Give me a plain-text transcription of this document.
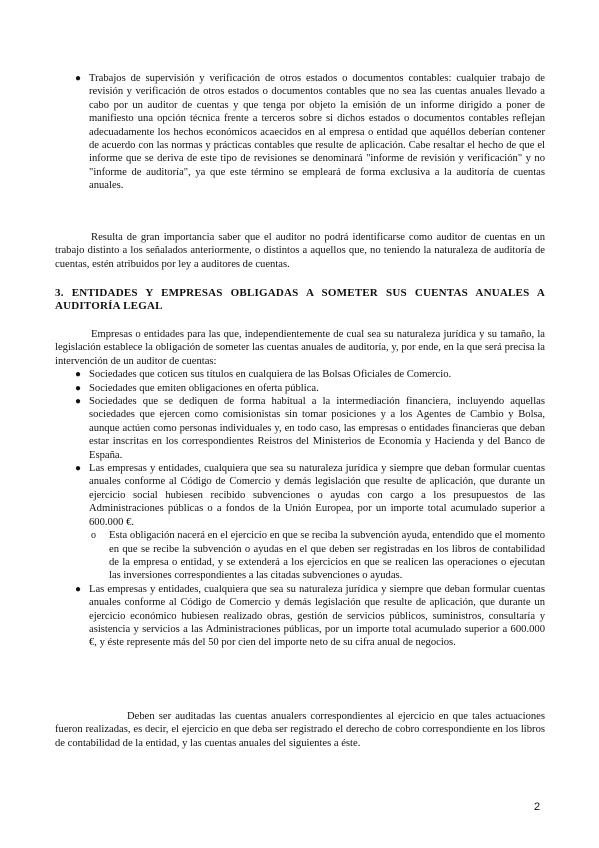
● Trabajos de supervisión y verificación de otros estados o documentos contables: cualquier trabajo de revisión y verificación de otros estados o documentos contables que no sea las cuentas anuales llevado a cabo por un auditor de cuentas y que tenga por objeto la emisión de un informe dirigido a poner de manifiesto una opción técnica frente a terceros sobre si dichos estados o documentos contables reflejan adecuadamente los hechos económicos acaecidos en al empresa o entidad que aquéllos deberían contener de acuerdo con las normas y prácticas contables que resulte de aplicación. Cabe resaltar el hecho de que el informe que se deriva de este tipo de revisiones se denominará "informe de revisión y verificación" y no "informe de auditoría", ya que este término se empleará de forma exclusiva a la auditoría de cuentas anuales.

Resulta de gran importancia saber que el auditor no podrá identificarse como auditor de cuentas en un trabajo distinto a los señalados anteriormente, o distintos a aquellos que, no teniendo la naturaleza de auditoría de cuentas, estén atribuidos por ley a auditores de cuentas.

3. ENTIDADES Y EMPRESAS OBLIGADAS A SOMETER SUS CUENTAS ANUALES A AUDITORÍA LEGAL

Empresas o entidades para las que, independientemente de cual sea su naturaleza jurídica y su tamaño, la legislación establece la obligación de someter las cuentas anuales de auditoría, y, por ende, en la que será precisa la intervención de un auditor de cuentas:

● Sociedades que coticen sus títulos en cualquiera de las Bolsas Oficiales de Comercio.
● Sociedades que emiten obligaciones en oferta pública.
● Sociedades que se dediquen de forma habitual a la intermediación financiera, incluyendo aquellas sociedades que ejercen como comisionistas sin tomar posiciones y a los Agentes de Cambio y Bolsa, aunque actúen como personas individuales y, en todo caso, las empresas o entidades financieras que deban estar inscritas en los correspondientes Reistros del Ministerios de Economía y Hacienda y del Banco de España.
● Las empresas y entidades, cualquiera que sea su naturaleza jurídica y siempre que deban formular cuentas anuales conforme al Código de Comercio y demás legislación que resulte de aplicación, que durante un ejercicio social hubiesen recibido subvenciones o ayudas con cargo a los presupuestos de las Administraciones públicas o a fondos de la Unión Europea, por un importe total acumulado superior a 600.000 €.
o Esta obligación nacerá en el ejercicio en que se reciba la subvención ayuda, entendido que el momento en que se recibe la subvención o ayudas en el que deben ser registradas en los libros de contabilidad de la empresa o entidad, y se extenderá a los ejercicios en que se realicen las operaciones o ejecutan las inversiones correspondientes a las citadas subvenciones o ayudas.
● Las empresas y entidades, cualquiera que sea su naturaleza jurídica y siempre que deban formular cuentas anuales conforme al Código de Comercio y demás legislación que resulte de aplicación, que durante un ejercicio económico hubiesen realizado obras, gestión de servicios públicos, suministros, consultaría y asistencia y servicios a las Administraciones públicas, por un importe total acumulado superior a 600.000 €, y éste represente más del 50 por cien del importe neto de su cifra anual de negocios.

Deben ser auditadas las cuentas anualers correspondientes al ejercicio en que tales actuaciones fueron realizadas, es decir, el ejercicio en que deba ser registrado el derecho de cobro correspondiente en los libros de contabilidad de la entidad, y las cuentas anuales del siguientes a éste.

2
